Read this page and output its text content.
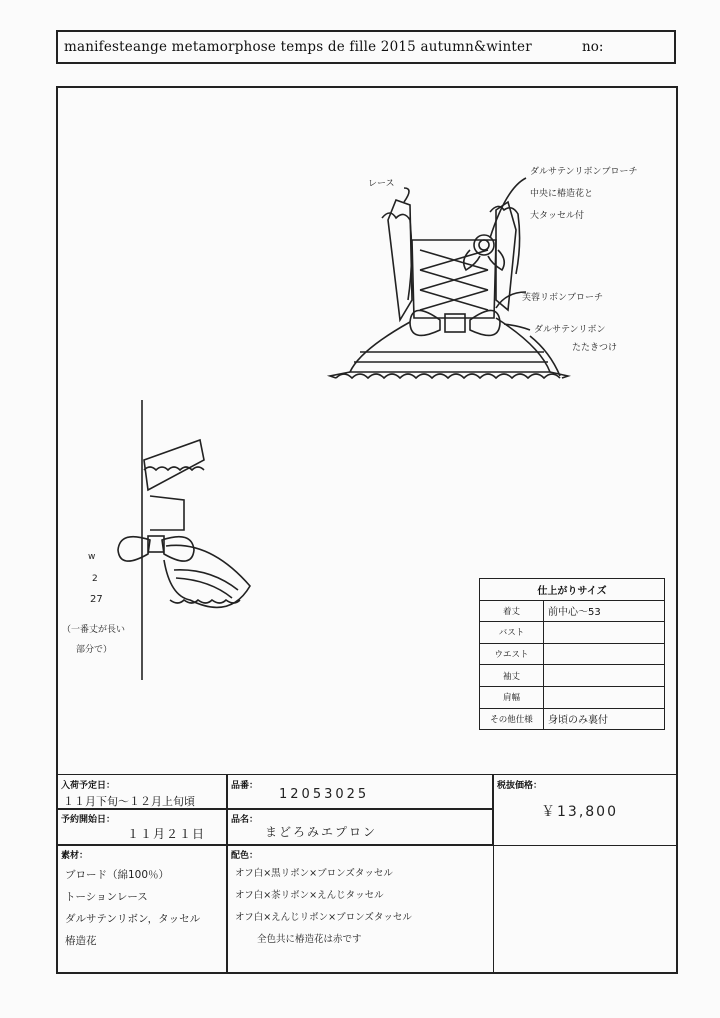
manifesteange metamorphose temps de fille 2015 autumn&winter	no:
レース
ダルサテンリボンブローチ
中央に椿造花と
大タッセル付
芙蓉リボンブローチ
ダルサテンリボン
たたきつけ
w
2
27
（一番丈が長い
部分で）
仕上がりサイズ	
着丈	前中心～53
バスト	
ウエスト	
袖丈	
肩幅	
その他仕様	身頃のみ裏付
入荷予定日：
１１月下旬～１２月上旬頃
品番：
12053025
税抜価格：
￥13,800
予約開始日：
１１月２１日
品名：
まどろみエプロン
素材：
ブロード（綿100％）
トーションレース
ダルサテンリボン，タッセル
椿造花
配色：
オフ白×黒リボン×ブロンズタッセル
オフ白×茶リボン×えんじタッセル
オフ白×えんじリボン×ブロンズタッセル
全色共に椿造花は赤です
